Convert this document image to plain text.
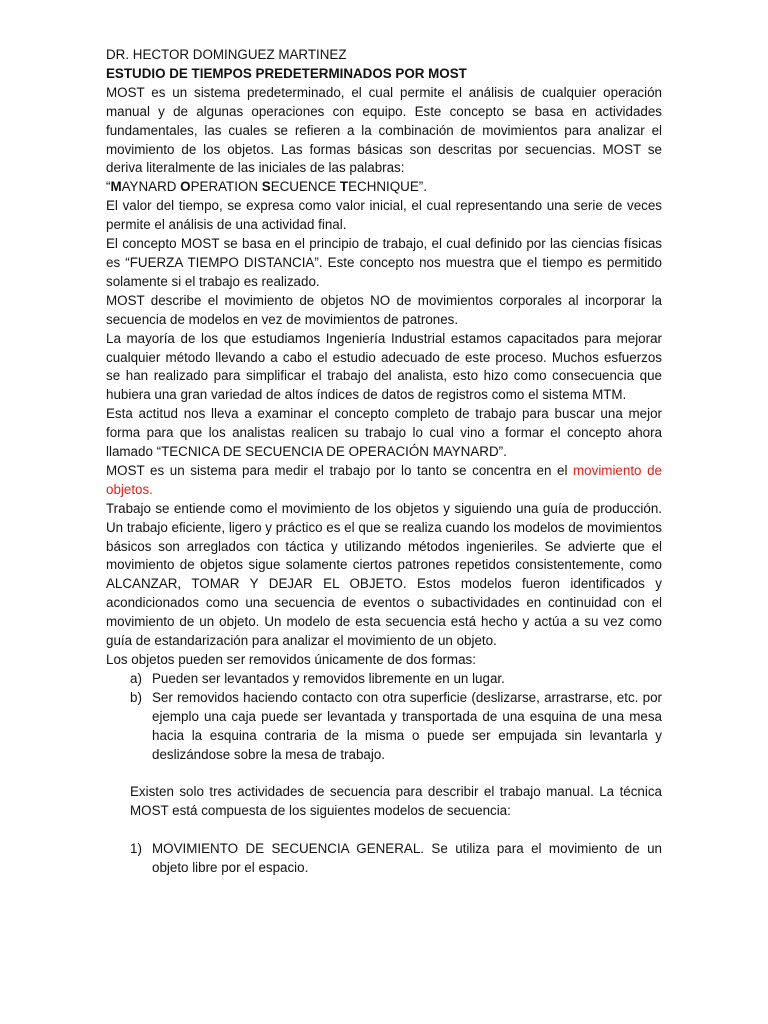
DR. HECTOR DOMINGUEZ MARTINEZ

ESTUDIO DE TIEMPOS PREDETERMINADOS POR MOST

MOST es un sistema predeterminado, el cual permite el análisis de cualquier operación manual y de algunas operaciones con equipo. Este concepto se basa en actividades fundamentales, las cuales se refieren a la combinación de movimientos para analizar el movimiento de los objetos. Las formas básicas son descritas por secuencias. MOST se deriva literalmente de las iniciales de las palabras:

“MAYNARD OPERATION SECUENCE TECHNIQUE”.

El valor del tiempo, se expresa como valor inicial, el cual representando una serie de veces permite el análisis de una actividad final.

El concepto MOST se basa en el principio de trabajo, el cual definido por las ciencias físicas es “FUERZA TIEMPO DISTANCIA”. Este concepto nos muestra que el tiempo es permitido solamente si el trabajo es realizado.

MOST describe el movimiento de objetos NO de movimientos corporales al incorporar la secuencia de modelos en vez de movimientos de patrones.

La mayoría de los que estudiamos Ingeniería Industrial estamos capacitados para mejorar cualquier método llevando a cabo el estudio adecuado de este proceso. Muchos esfuerzos se han realizado para simplificar el trabajo del analista, esto hizo como consecuencia que hubiera una gran variedad de altos índices de datos de registros como el sistema MTM.

Esta actitud nos lleva a examinar el concepto completo de trabajo para buscar una mejor forma para que los analistas realicen su trabajo lo cual vino a formar el concepto ahora llamado “TECNICA DE SECUENCIA DE OPERACIÓN MAYNARD”.

MOST es un sistema para medir el trabajo por lo tanto se concentra en el movimiento de objetos.

Trabajo se entiende como el movimiento de los objetos y siguiendo una guía de producción. Un trabajo eficiente, ligero y práctico es el que se realiza cuando los modelos de movimientos básicos son arreglados con táctica y utilizando métodos ingenieriles. Se advierte que el movimiento de objetos sigue solamente ciertos patrones repetidos consistentemente, como ALCANZAR, TOMAR Y DEJAR EL OBJETO. Estos modelos fueron identificados y acondicionados como una secuencia de eventos o subactividades en continuidad con el movimiento de un objeto. Un modelo de esta secuencia está hecho y actúa a su vez como guía de estandarización para analizar el movimiento de un objeto.

Los objetos pueden ser removidos únicamente de dos formas:

a) Pueden ser levantados y removidos libremente en un lugar.
b) Ser removidos haciendo contacto con otra superficie (deslizarse, arrastrarse, etc. por ejemplo una caja puede ser levantada y transportada de una esquina de una mesa hacia la esquina contraria de la misma o puede ser empujada sin levantarla y deslizándose sobre la mesa de trabajo.

Existen solo tres actividades de secuencia para describir el trabajo manual. La técnica MOST está compuesta de los siguientes modelos de secuencia:

1) MOVIMIENTO DE SECUENCIA GENERAL. Se utiliza para el movimiento de un objeto libre por el espacio.
